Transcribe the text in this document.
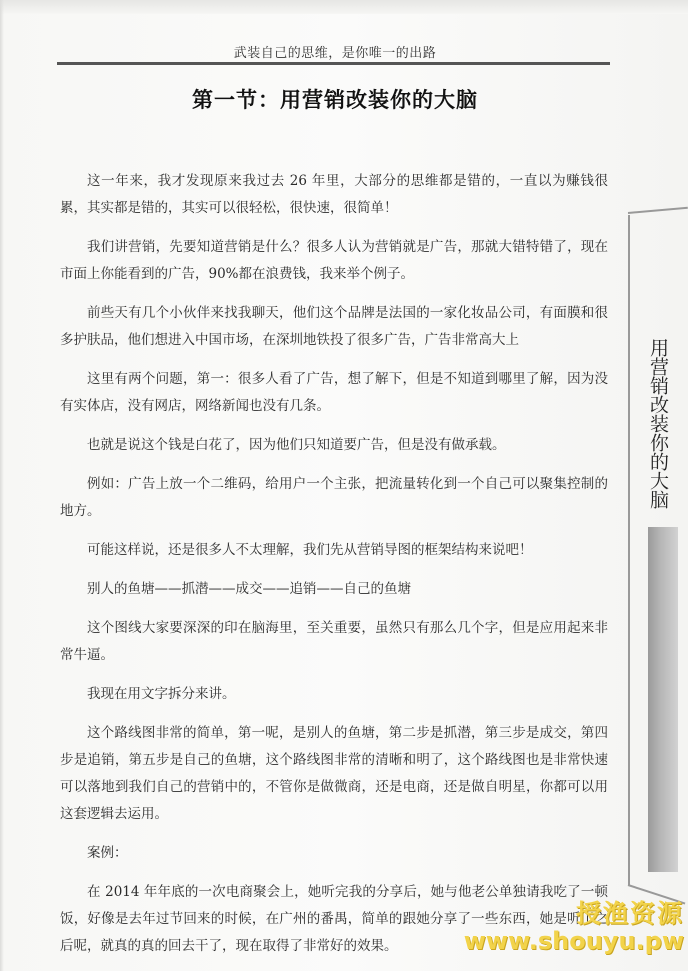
武装自己的思维，是你唯一的出路
第一节：用营销改装你的大脑

这一年来，我才发现原来我过去 26 年里，大部分的思维都是错的，一直以为赚钱很累，其实都是错的，其实可以很轻松，很快速，很简单！

我们讲营销，先要知道营销是什么？很多人认为营销就是广告，那就大错特错了，现在市面上你能看到的广告，90%都在浪费钱，我来举个例子。

前些天有几个小伙伴来找我聊天，他们这个品牌是法国的一家化妆品公司，有面膜和很多护肤品，他们想进入中国市场，在深圳地铁投了很多广告，广告非常高大上

这里有两个问题，第一：很多人看了广告，想了解下，但是不知道到哪里了解，因为没有实体店，没有网店，网络新闻也没有几条。

也就是说这个钱是白花了，因为他们只知道要广告，但是没有做承载。

例如：广告上放一个二维码，给用户一个主张，把流量转化到一个自己可以聚集控制的地方。

可能这样说，还是很多人不太理解，我们先从营销导图的框架结构来说吧！

别人的鱼塘——抓潜——成交——追销——自己的鱼塘

这个图线大家要深深的印在脑海里，至关重要，虽然只有那么几个字，但是应用起来非常牛逼。

我现在用文字拆分来讲。

这个路线图非常的简单，第一呢，是别人的鱼塘，第二步是抓潜，第三步是成交，第四步是追销，第五步是自己的鱼塘，这个路线图非常的清晰和明了，这个路线图也是非常快速可以落地到我们自己的营销中的，不管你是做微商，还是电商，还是做自明星，你都可以用这套逻辑去运用。

案例：

在 2014 年年底的一次电商聚会上，她听完我的分享后，她与他老公单独请我吃了一顿饭，好像是去年过节回来的时候，在广州的番禺，简单的跟她分享了一些东西，她是听了之后呢，就真的真的回去干了，现在取得了非常好的效果。

用营销改装你的大脑
授渔资源
www.shouyu.pw
